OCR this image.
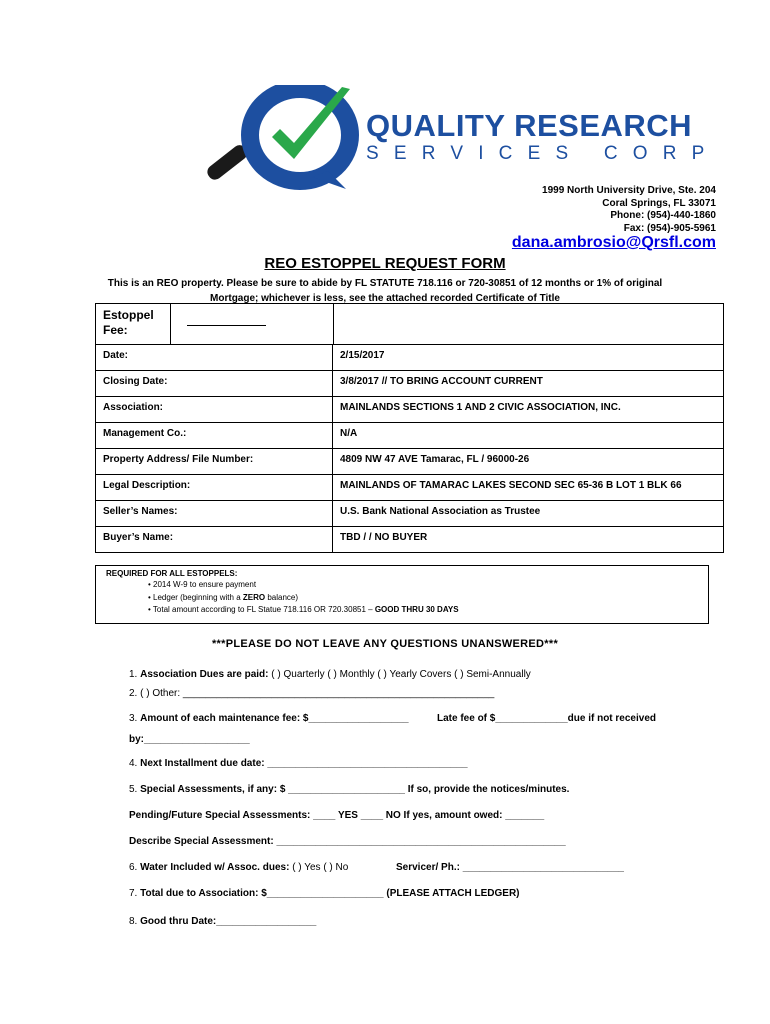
QUALITY RESEARCH
SERVICES CORP
1999 North University Drive, Ste. 204
Coral Springs, FL 33071
Phone: (954)-440-1860
Fax: (954)-905-5961
dana.ambrosio@Qrsfl.com
REO ESTOPPEL REQUEST FORM
This is an REO property. Please be sure to abide by FL STATUTE 718.116 or 720-30851 of 12 months or 1% of original
Mortgage; whichever is less, see the attached recorded Certificate of Title
Estoppel Fee:	

Date:	2/15/2017
Closing Date:	3/8/2017 // TO BRING ACCOUNT CURRENT
Association:	MAINLANDS SECTIONS 1 AND 2 CIVIC ASSOCIATION, INC.
Management Co.:	N/A
Property Address/ File Number:	4809 NW 47 AVE Tamarac, FL / 96000-26
Legal Description:	MAINLANDS OF TAMARAC LAKES SECOND SEC 65-36 B LOT 1 BLK 66
Seller’s Names:	U.S. Bank National Association as Trustee
Buyer’s Name:	TBD / / NO BUYER
REQUIRED FOR ALL ESTOPPELS:
• 2014 W-9 to ensure payment
• Ledger (beginning with a ZERO balance)
• Total amount according to FL Statue 718.116 OR 720.30851 – GOOD THRU 30 DAYS
***PLEASE DO NOT LEAVE ANY QUESTIONS UNANSWERED***
1. Association Dues are paid: ( ) Quarterly ( ) Monthly ( ) Yearly Covers ( ) Semi-Annually
2. ( ) Other: ________________________________________________________
3. Amount of each maintenance fee: $__________________	Late fee of $_____________due if not received
by:___________________
4. Next Installment due date: ____________________________________
5. Special Assessments, if any: $ _____________________ If so, provide the notices/minutes.
Pending/Future Special Assessments: ____ YES ____ NO If yes, amount owed: _______
Describe Special Assessment: ____________________________________________________
6. Water Included w/ Assoc. dues: ( ) Yes ( ) No	Servicer/ Ph.: _____________________________
7. Total due to Association: $_____________________ (PLEASE ATTACH LEDGER)
8. Good thru Date:__________________
